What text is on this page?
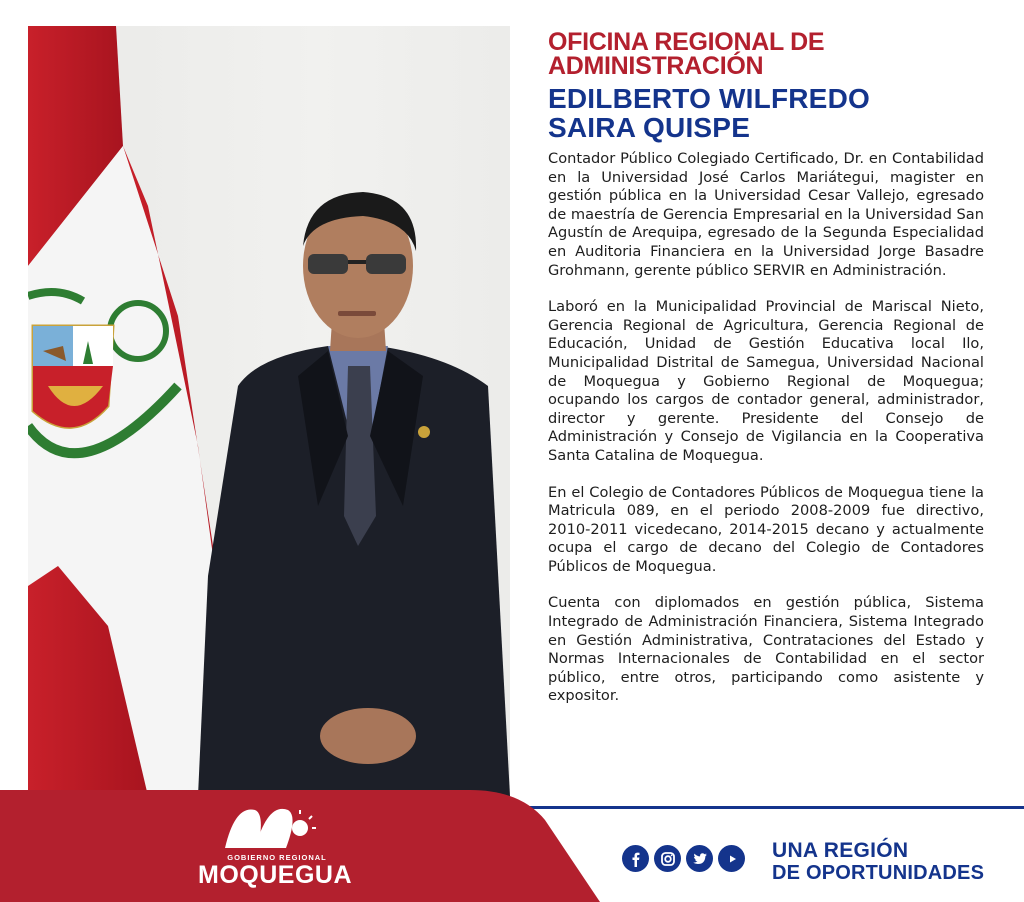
OFICINA REGIONAL DE
ADMINISTRACIÓN
EDILBERTO WILFREDO
SAIRA QUISPE

Contador Público Colegiado Certificado, Dr. en Contabilidad en la Universidad José Carlos Mariátegui, magister en gestión pública en la Universidad Cesar Vallejo, egresado de maestría de Gerencia Empresarial en la Universidad San Agustín de Arequipa, egresado de la Segunda Especialidad en Auditoria Financiera en la Universidad Jorge Basadre Grohmann, gerente público SERVIR en Administración.

Laboró en la Municipalidad Provincial de Mariscal Nieto, Gerencia Regional de Agricultura, Gerencia Regional de Educación, Unidad de Gestión Educativa local Ilo, Municipalidad Distrital de Samegua, Universidad Nacional de Moquegua y Gobierno Regional de Moquegua; ocupando los cargos de contador general, administrador, director y gerente. Presidente del Consejo de Administración y Consejo de Vigilancia en la Cooperativa Santa Catalina de Moquegua.

En el Colegio de Contadores Públicos de Moquegua tiene la Matricula 089, en el periodo 2008-2009 fue directivo, 2010-2011 vicedecano, 2014-2015 decano y actualmente ocupa el cargo de decano del Colegio de Contadores Públicos de Moquegua.

Cuenta con diplomados en gestión pública, Sistema Integrado de Administración Financiera, Sistema Integrado en Gestión Administrativa, Contrataciones del Estado y Normas Internacionales de Contabilidad en el sector público, entre otros, participando como asistente y expositor.

GOBIERNO REGIONAL
MOQUEGUA
UNA REGIÓN
DE OPORTUNIDADES
